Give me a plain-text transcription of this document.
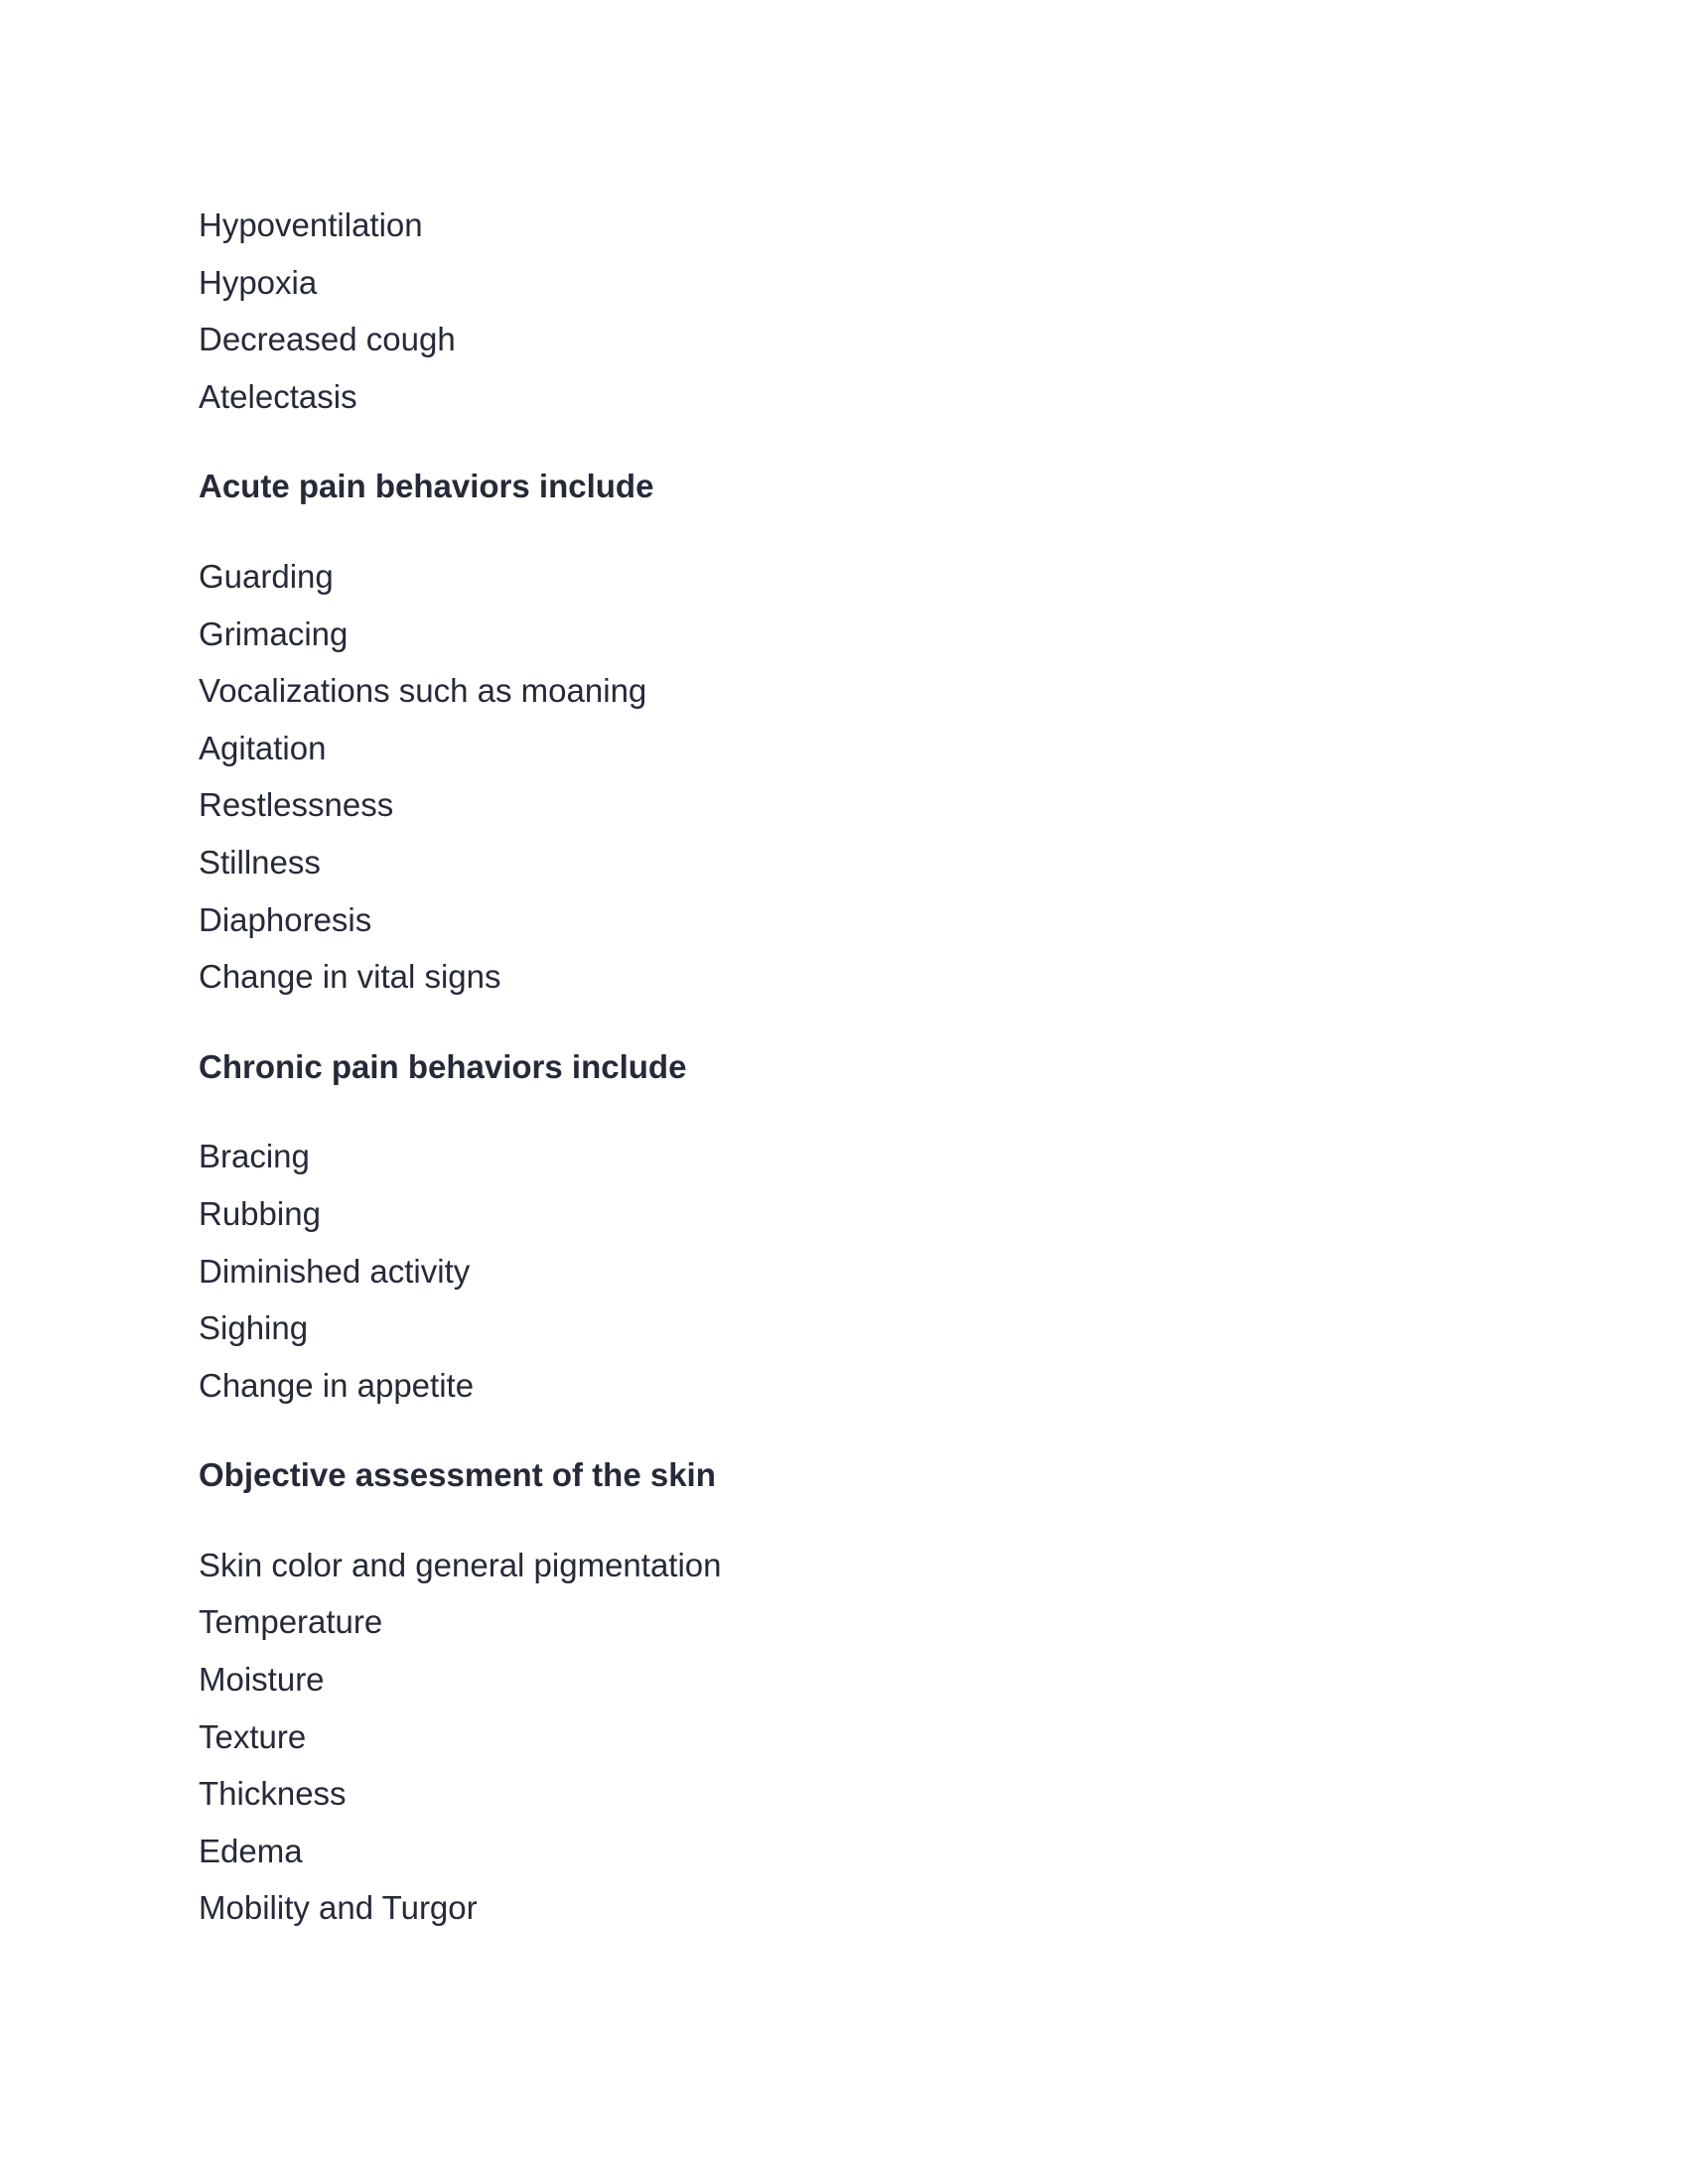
Hypoventilation
Hypoxia
Decreased cough
Atelectasis
Acute pain behaviors include
Guarding
Grimacing
Vocalizations such as moaning
Agitation
Restlessness
Stillness
Diaphoresis
Change in vital signs
Chronic pain behaviors include
Bracing
Rubbing
Diminished activity
Sighing
Change in appetite
Objective assessment of the skin
Skin color and general pigmentation
Temperature
Moisture
Texture
Thickness
Edema
Mobility and Turgor
